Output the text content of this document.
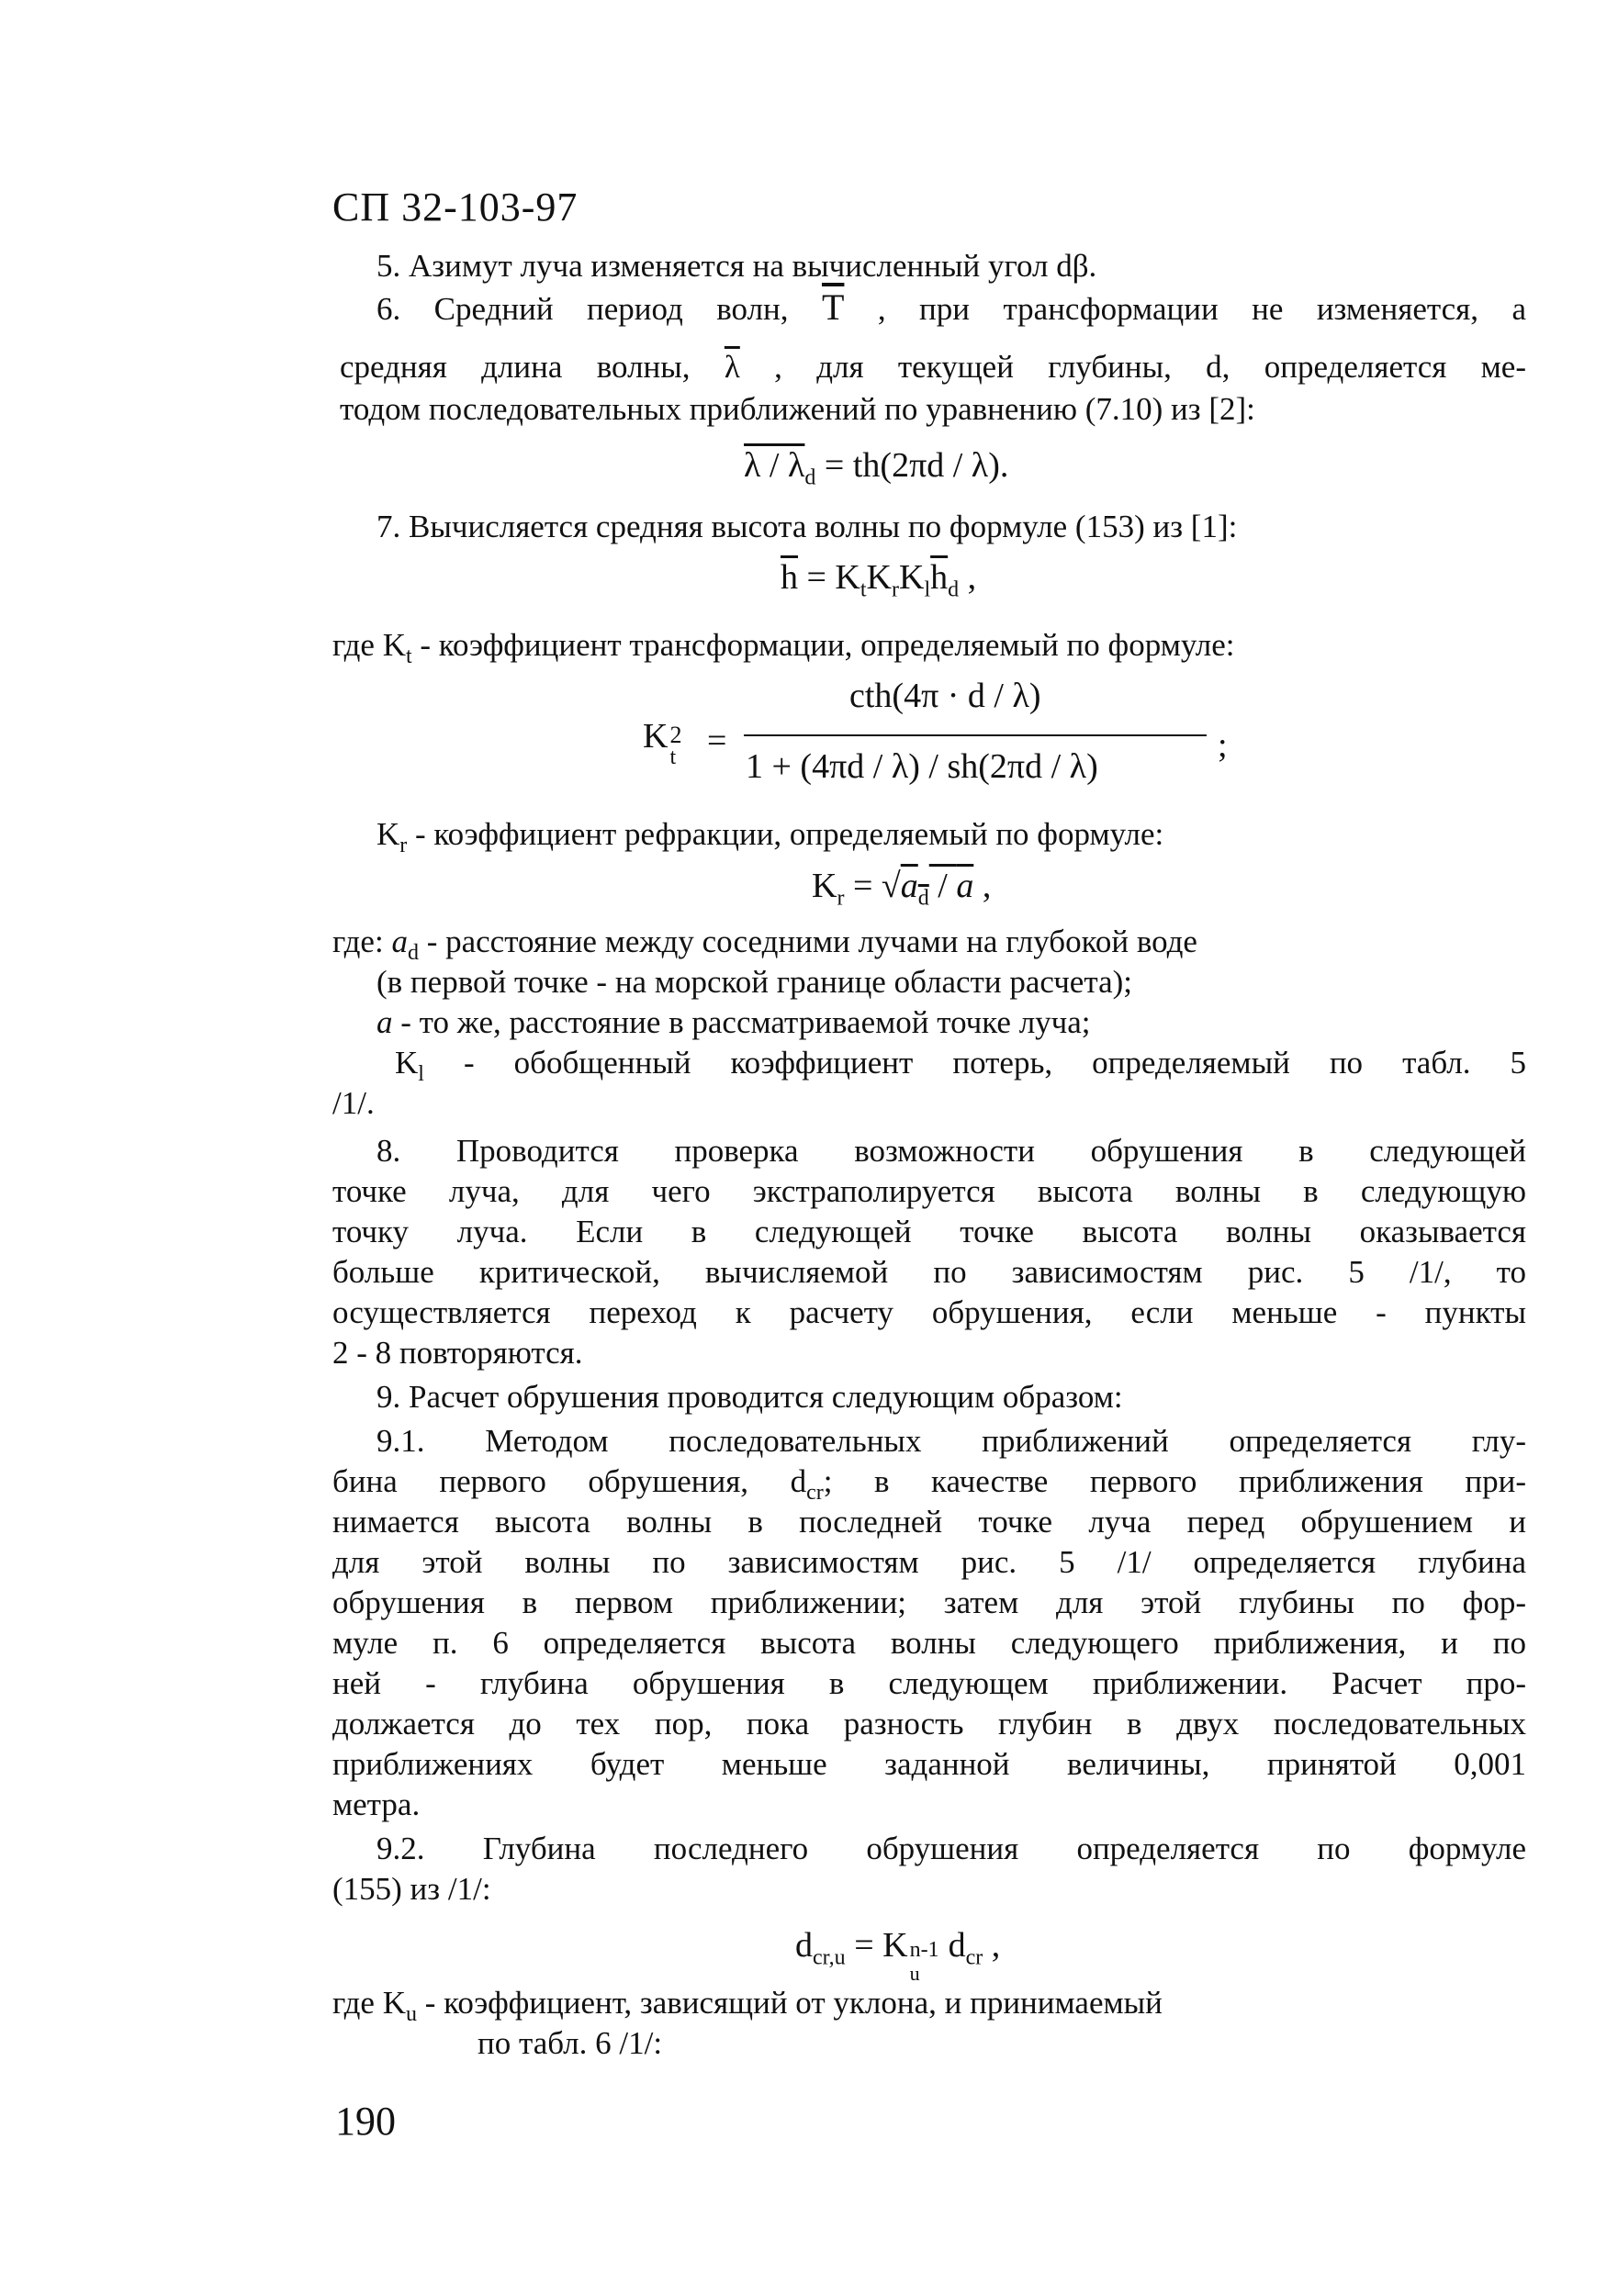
СП 32-103-97
5. Азимут луча изменяется на вычисленный угол dβ.
6. Средний период волн, $\overline{T}$ , при трансформации не изменяется, а
средняя длина волны, $\overline{\lambda}$ , для текущей глубины, d, определяется ме-
тодом последовательных приближений по уравнению (7.10) из [2]:
$\lambda / \lambda_d = th(2\pi d / \lambda)$.
7. Вычисляется средняя высота волны по формуле (153) из [1]:
$\overline{h} = K_tK_rK_l\overline{h}_d$ ,
где $K_t$ - коэффициент трансформации, определяемый по формуле:
K 2
t =
cth(4π · d / λ)
1 + (4πd / λ) / sh(2πd / λ)
;
$K_r$ - коэффициент рефракции, определяемый по формуле:
$K_r = √a_d / a$ ,
где: $a_d$ - расстояние между соседними лучами на глубокой воде
(в первой точке - на морской границе области расчета);
a - то же, расстояние в рассматриваемой точке луча;
$K_l$ - обобщенный коэффициент потерь, определяемый по табл. 5
/1/.
8. Проводится проверка возможности обрушения в следующей
точке луча, для чего экстраполируется высота волны в следующую
точку луча. Если в следующей точке высота волны оказывается
больше критической, вычисляемой по зависимостям рис. 5 /1/, то
осуществляется переход к расчету обрушения, если меньше - пункты
2 - 8 повторяются.
9. Расчет обрушения проводится следующим образом:
9.1. Методом последовательных приближений определяется глу-
бина первого обрушения, $d_{cr}$; в качестве первого приближения при-
нимается высота волны в последней точке луча перед обрушением и
для этой волны по зависимостям рис. 5 /1/ определяется глубина
обрушения в первом приближении; затем для этой глубины по фор-
муле п. 6 определяется высота волны следующего приближения, и по
ней - глубина обрушения в следующем приближении. Расчет про-
должается до тех пор, пока разность глубин в двух последовательных
приближениях будет меньше заданной величины, принятой 0,001
метра.
9.2. Глубина последнего обрушения определяется по формуле
(155) из /1/:
$d_{cr,u} = K$ n-1
u
$d_{cr}$ ,
где $K_u$ - коэффициент, зависящий от уклона, и принимаемый
по табл. 6 /1/:
190
